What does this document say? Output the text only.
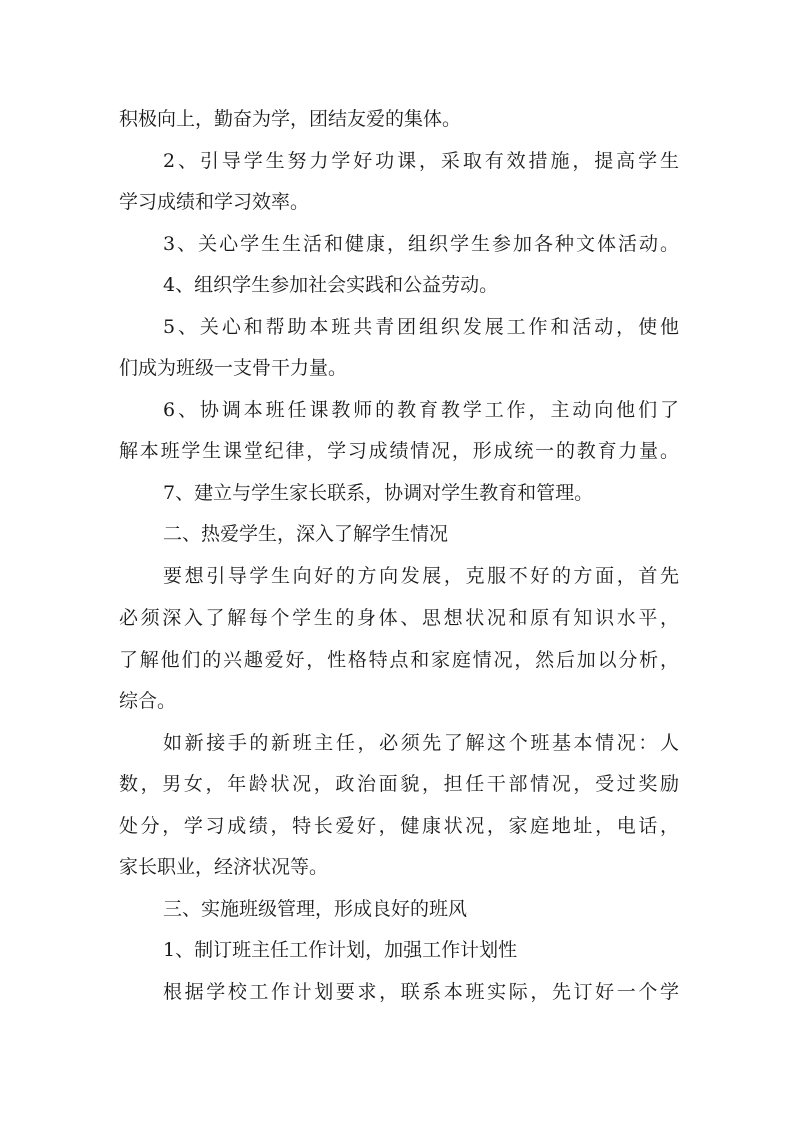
积极向上，勤奋为学，团结友爱的集体。
2、引导学生努力学好功课，采取有效措施，提高学生
学习成绩和学习效率。
3、关心学生生活和健康，组织学生参加各种文体活动。
4、组织学生参加社会实践和公益劳动。
5、关心和帮助本班共青团组织发展工作和活动，使他
们成为班级一支骨干力量。
6、协调本班任课教师的教育教学工作，主动向他们了
解本班学生课堂纪律，学习成绩情况，形成统一的教育力量。
7、建立与学生家长联系，协调对学生教育和管理。
二、热爱学生，深入了解学生情况
要想引导学生向好的方向发展，克服不好的方面，首先
必须深入了解每个学生的身体、思想状况和原有知识水平，
了解他们的兴趣爱好，性格特点和家庭情况，然后加以分析，
综合。
如新接手的新班主任，必须先了解这个班基本情况：人
数，男女，年龄状况，政治面貌，担任干部情况，受过奖励
处分，学习成绩，特长爱好，健康状况，家庭地址，电话，
家长职业，经济状况等。
三、实施班级管理，形成良好的班风
1、制订班主任工作计划，加强工作计划性
根据学校工作计划要求，联系本班实际，先订好一个学
